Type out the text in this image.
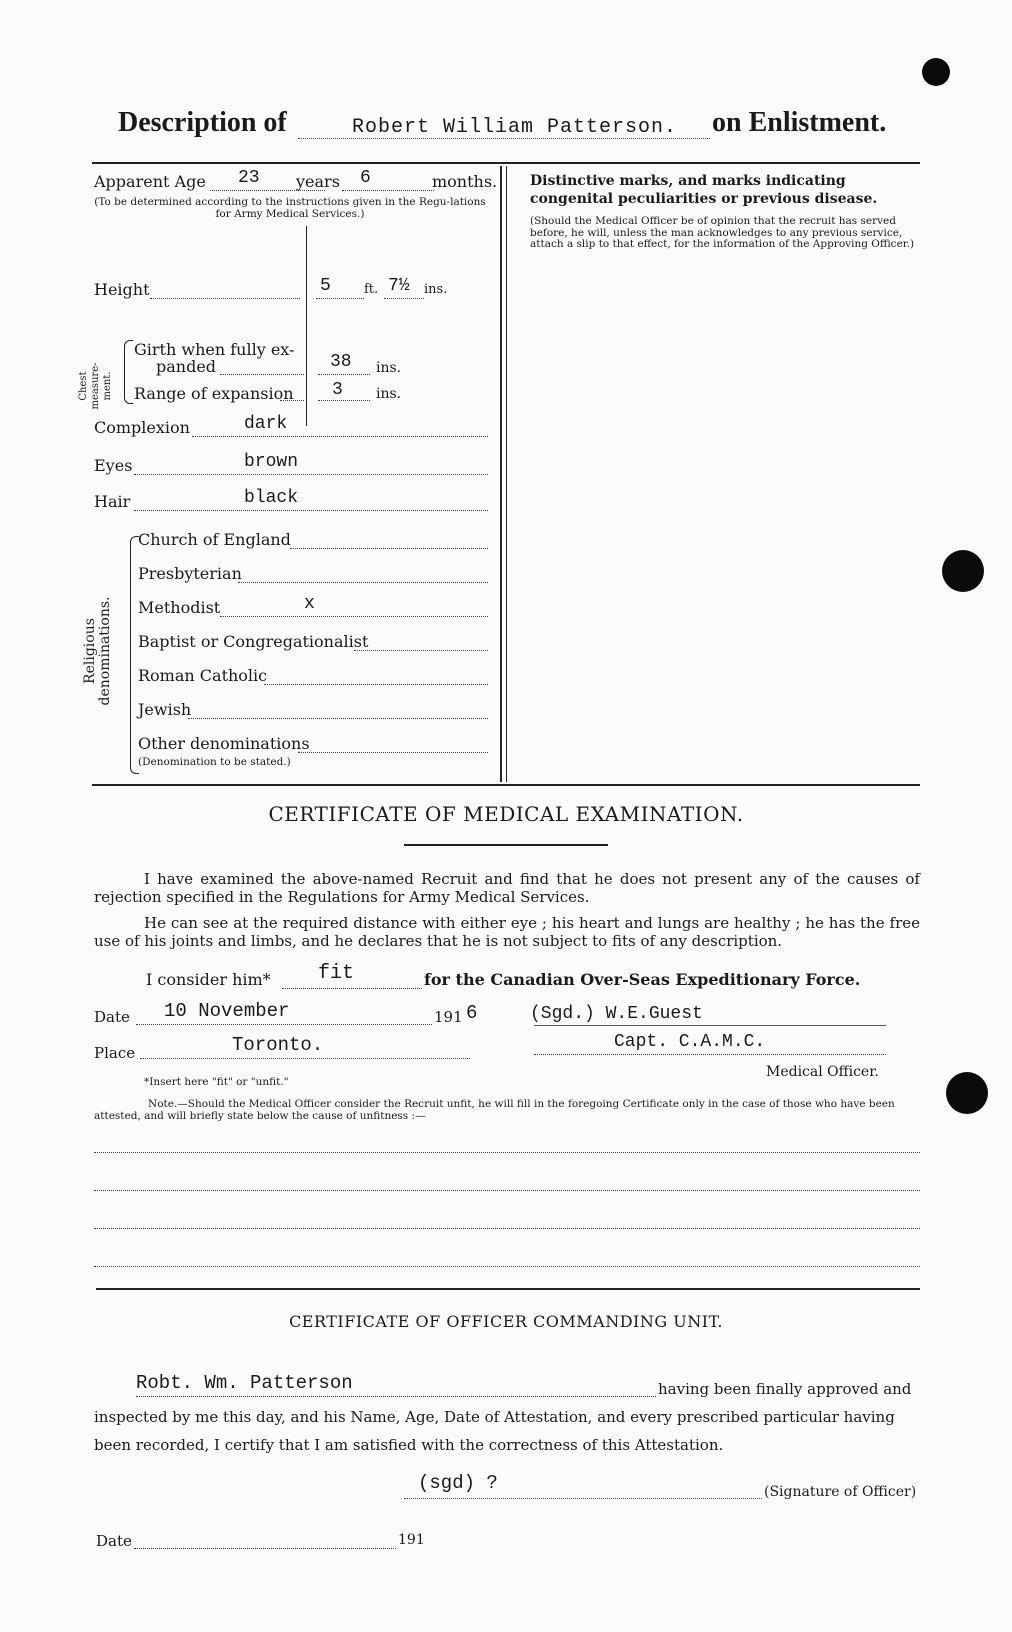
Description of	Robert William Patterson. on Enlistment.
Apparent Age 23 years 6	months.
(To be determined according to the instructions given in the Regu-lations for Army Medical Services.)
Height	5	ft. 7½ ins.
Chest measure-ment.
Girth when fully ex-
panded	38 ins.
Range of expansion 3 ins.
Complexion	dark
Eyes	brown
Hair	black
Religious denominations.
Church of England
Presbyterian
Methodist	x
Baptist or Congregationalist
Roman Catholic
Jewish
Other denominations
(Denomination to be stated.)
Distinctive marks, and marks indicating congenital peculiarities or previous disease.
(Should the Medical Officer be of opinion that the recruit has served before, he will, unless the man acknowledges to any previous service, attach a slip to that effect, for the information of the Approving Officer.)
CERTIFICATE OF MEDICAL EXAMINATION.
I have examined the above-named Recruit and find that he does not present any of the causes of rejection specified in the Regulations for Army Medical Services.
He can see at the required distance with either eye ; his heart and lungs are healthy ; he has the free use of his joints and limbs, and he declares that he is not subject to fits of any description.
I consider him* fit	for the Canadian Over-Seas Expeditionary Force.
Date 10 November	191 6	(Sgd.) W.E.Guest
Capt. C.A.M.C.
Place	Toronto.
Medical Officer.
*Insert here "fit" or "unfit."
Note.—Should the Medical Officer consider the Recruit unfit, he will fill in the foregoing Certificate only in the case of those who have been attested, and will briefly state below the cause of unfitness :—
CERTIFICATE OF OFFICER COMMANDING UNIT.
Robt. Wm. Patterson	having been finally approved and
inspected by me this day, and his Name, Age, Date of Attestation, and every prescribed particular having
been recorded, I certify that I am satisfied with the correctness of this Attestation.
(sgd) ?	(Signature of Officer)
Date	191
